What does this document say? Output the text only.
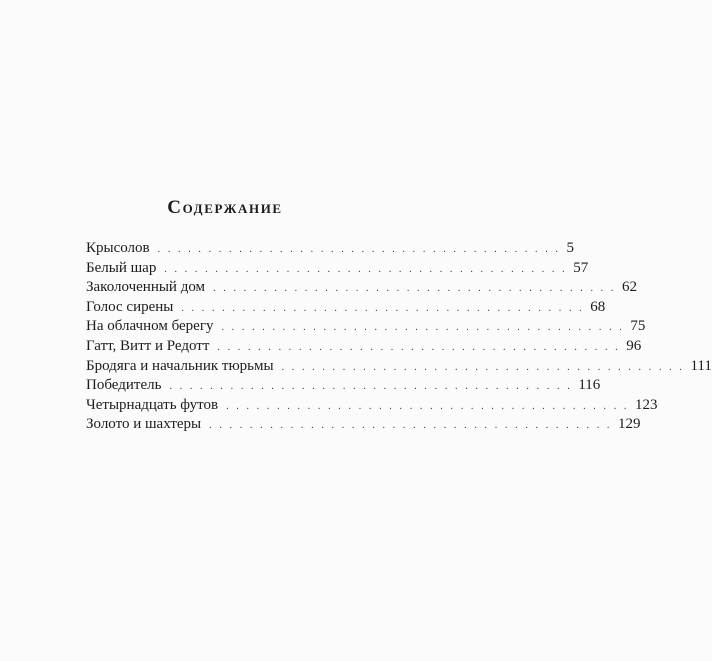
Содержание
Крысолов . . . . . . . . . . . . . . . . . . . . . . . . . . . . . . . . . . . . . . . . 5
Белый шар . . . . . . . . . . . . . . . . . . . . . . . . . . . . . . . . . . . . . . . . 57
Заколоченный дом . . . . . . . . . . . . . . . . . . . . . . . . . . . . . . . . . . . . . . . . 62
Голос сирены . . . . . . . . . . . . . . . . . . . . . . . . . . . . . . . . . . . . . . . . 68
На облачном берегу . . . . . . . . . . . . . . . . . . . . . . . . . . . . . . . . . . . . . . . . 75
Гатт, Витт и Редотт . . . . . . . . . . . . . . . . . . . . . . . . . . . . . . . . . . . . . . . . 96
Бродяга и начальник тюрьмы . . . . . . . . . . . . . . . . . . . . . . . . . . . . . . . . . . . . . . . . 111
Победитель . . . . . . . . . . . . . . . . . . . . . . . . . . . . . . . . . . . . . . . . 116
Четырнадцать футов . . . . . . . . . . . . . . . . . . . . . . . . . . . . . . . . . . . . . . . . 123
Золото и шахтеры . . . . . . . . . . . . . . . . . . . . . . . . . . . . . . . . . . . . . . . . 129
